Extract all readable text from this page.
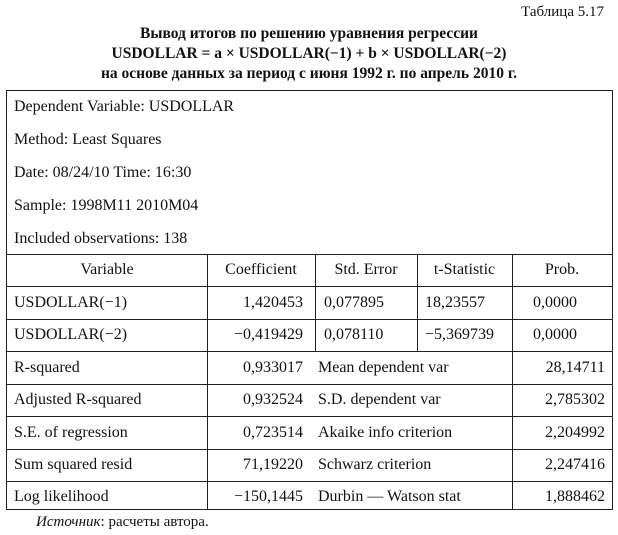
Таблица 5.17
Вывод итогов по решению уравнения регрессии
USDOLLAR = a × USDOLLAR(−1) + b × USDOLLAR(−2)
на основе данных за период с июня 1992 г. по апрель 2010 г.
Dependent Variable: USDOLLAR
Method: Least Squares
Date: 08/24/10 Time: 16:30
Sample: 1998M11 2010M04
Included observations: 138
Variable	Coefficient	Std. Error	t-Statistic	Prob.
USDOLLAR(−1)	1,420453 0,077895	18,23557	0,0000
USDOLLAR(−2)	−0,419429 0,078110	−5,369739 0,0000
R-squared	0,933017 Mean dependent var	28,14711
Adjusted R-squared	0,932524 S.D. dependent var	2,785302
S.E. of regression	0,723514 Akaike info criterion	2,204992
Sum squared resid	71,19220 Schwarz criterion	2,247416
Log likelihood	−150,1445 Durbin — Watson stat	1,888462
Источник: расчеты автора.
